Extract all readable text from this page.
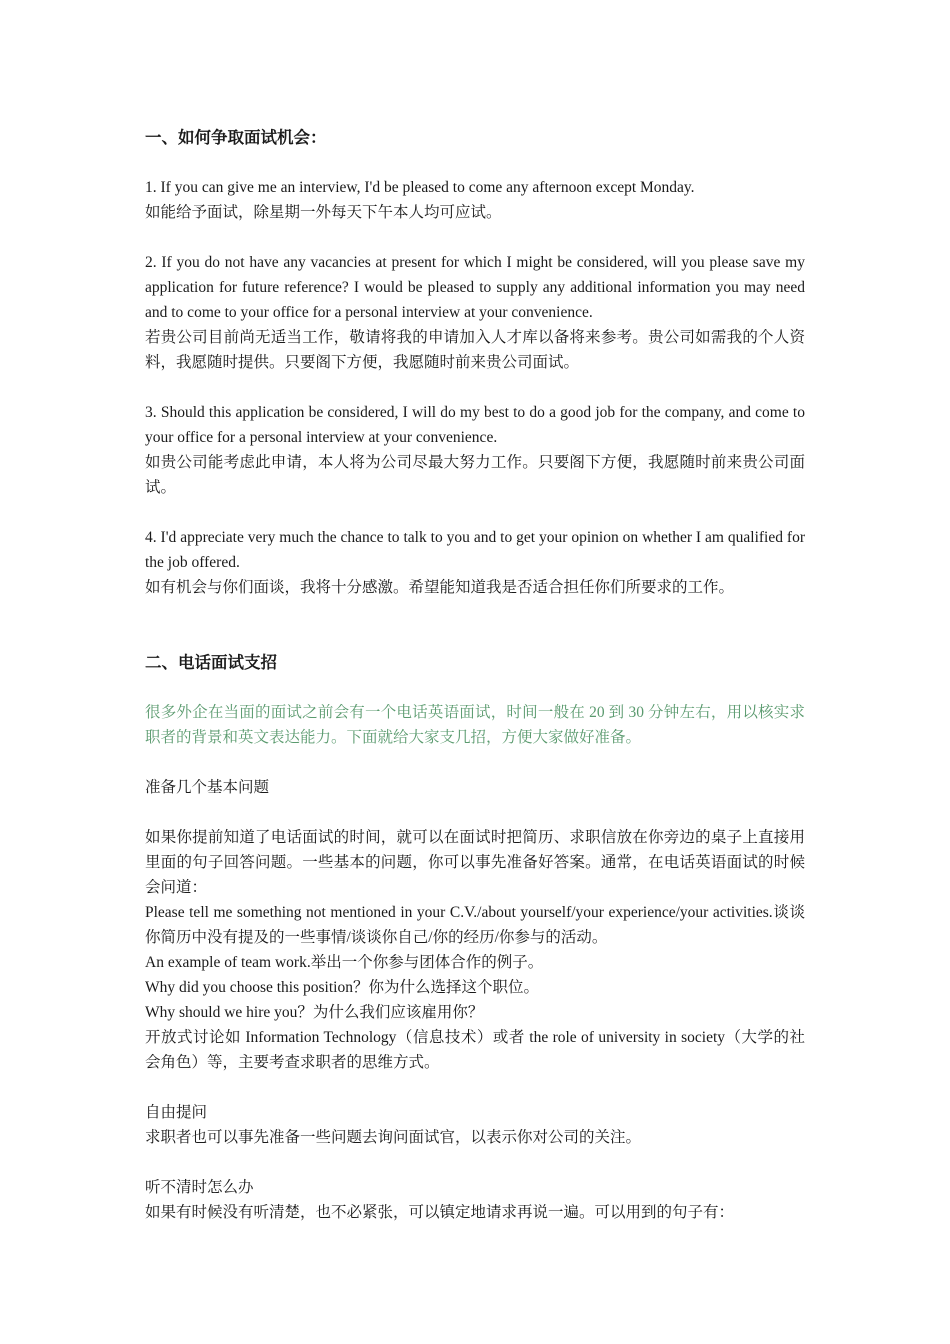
一、如何争取面试机会：

1. If you can give me an interview, I'd be pleased to come any afternoon except Monday.

如能给予面试，除星期一外每天下午本人均可应试。

2. If you do not have any vacancies at present for which I might be considered, will you please save my application for future reference? I would be pleased to supply any additional information you may need and to come to your office for a personal interview at your convenience.

若贵公司目前尚无适当工作，敬请将我的申请加入人才库以备将来参考。贵公司如需我的个人资料，我愿随时提供。只要阁下方便，我愿随时前来贵公司面试。

3. Should this application be considered, I will do my best to do a good job for the company, and come to your office for a personal interview at your convenience.

如贵公司能考虑此申请，本人将为公司尽最大努力工作。只要阁下方便，我愿随时前来贵公司面试。

4. I'd appreciate very much the chance to talk to you and to get your opinion on whether I am qualified for the job offered.

如有机会与你们面谈，我将十分感激。希望能知道我是否适合担任你们所要求的工作。

二、电话面试支招

很多外企在当面的面试之前会有一个电话英语面试，时间一般在 20 到 30 分钟左右，用以核实求职者的背景和英文表达能力。下面就给大家支几招，方便大家做好准备。

准备几个基本问题

如果你提前知道了电话面试的时间，就可以在面试时把简历、求职信放在你旁边的桌子上直接用里面的句子回答问题。一些基本的问题，你可以事先准备好答案。通常，在电话英语面试的时候会问道：

Please tell me something not mentioned in your C.V./about yourself/your experience/your activities.谈谈你简历中没有提及的一些事情/谈谈你自己/你的经历/你参与的活动。

An example of team work.举出一个你参与团体合作的例子。

Why did you choose this position？你为什么选择这个职位。

Why should we hire you？为什么我们应该雇用你？

开放式讨论如 Information Technology（信息技术）或者 the role of university in society（大学的社会角色）等，主要考查求职者的思维方式。

自由提问

求职者也可以事先准备一些问题去询问面试官，以表示你对公司的关注。

听不清时怎么办

如果有时候没有听清楚，也不必紧张，可以镇定地请求再说一遍。可以用到的句子有：
